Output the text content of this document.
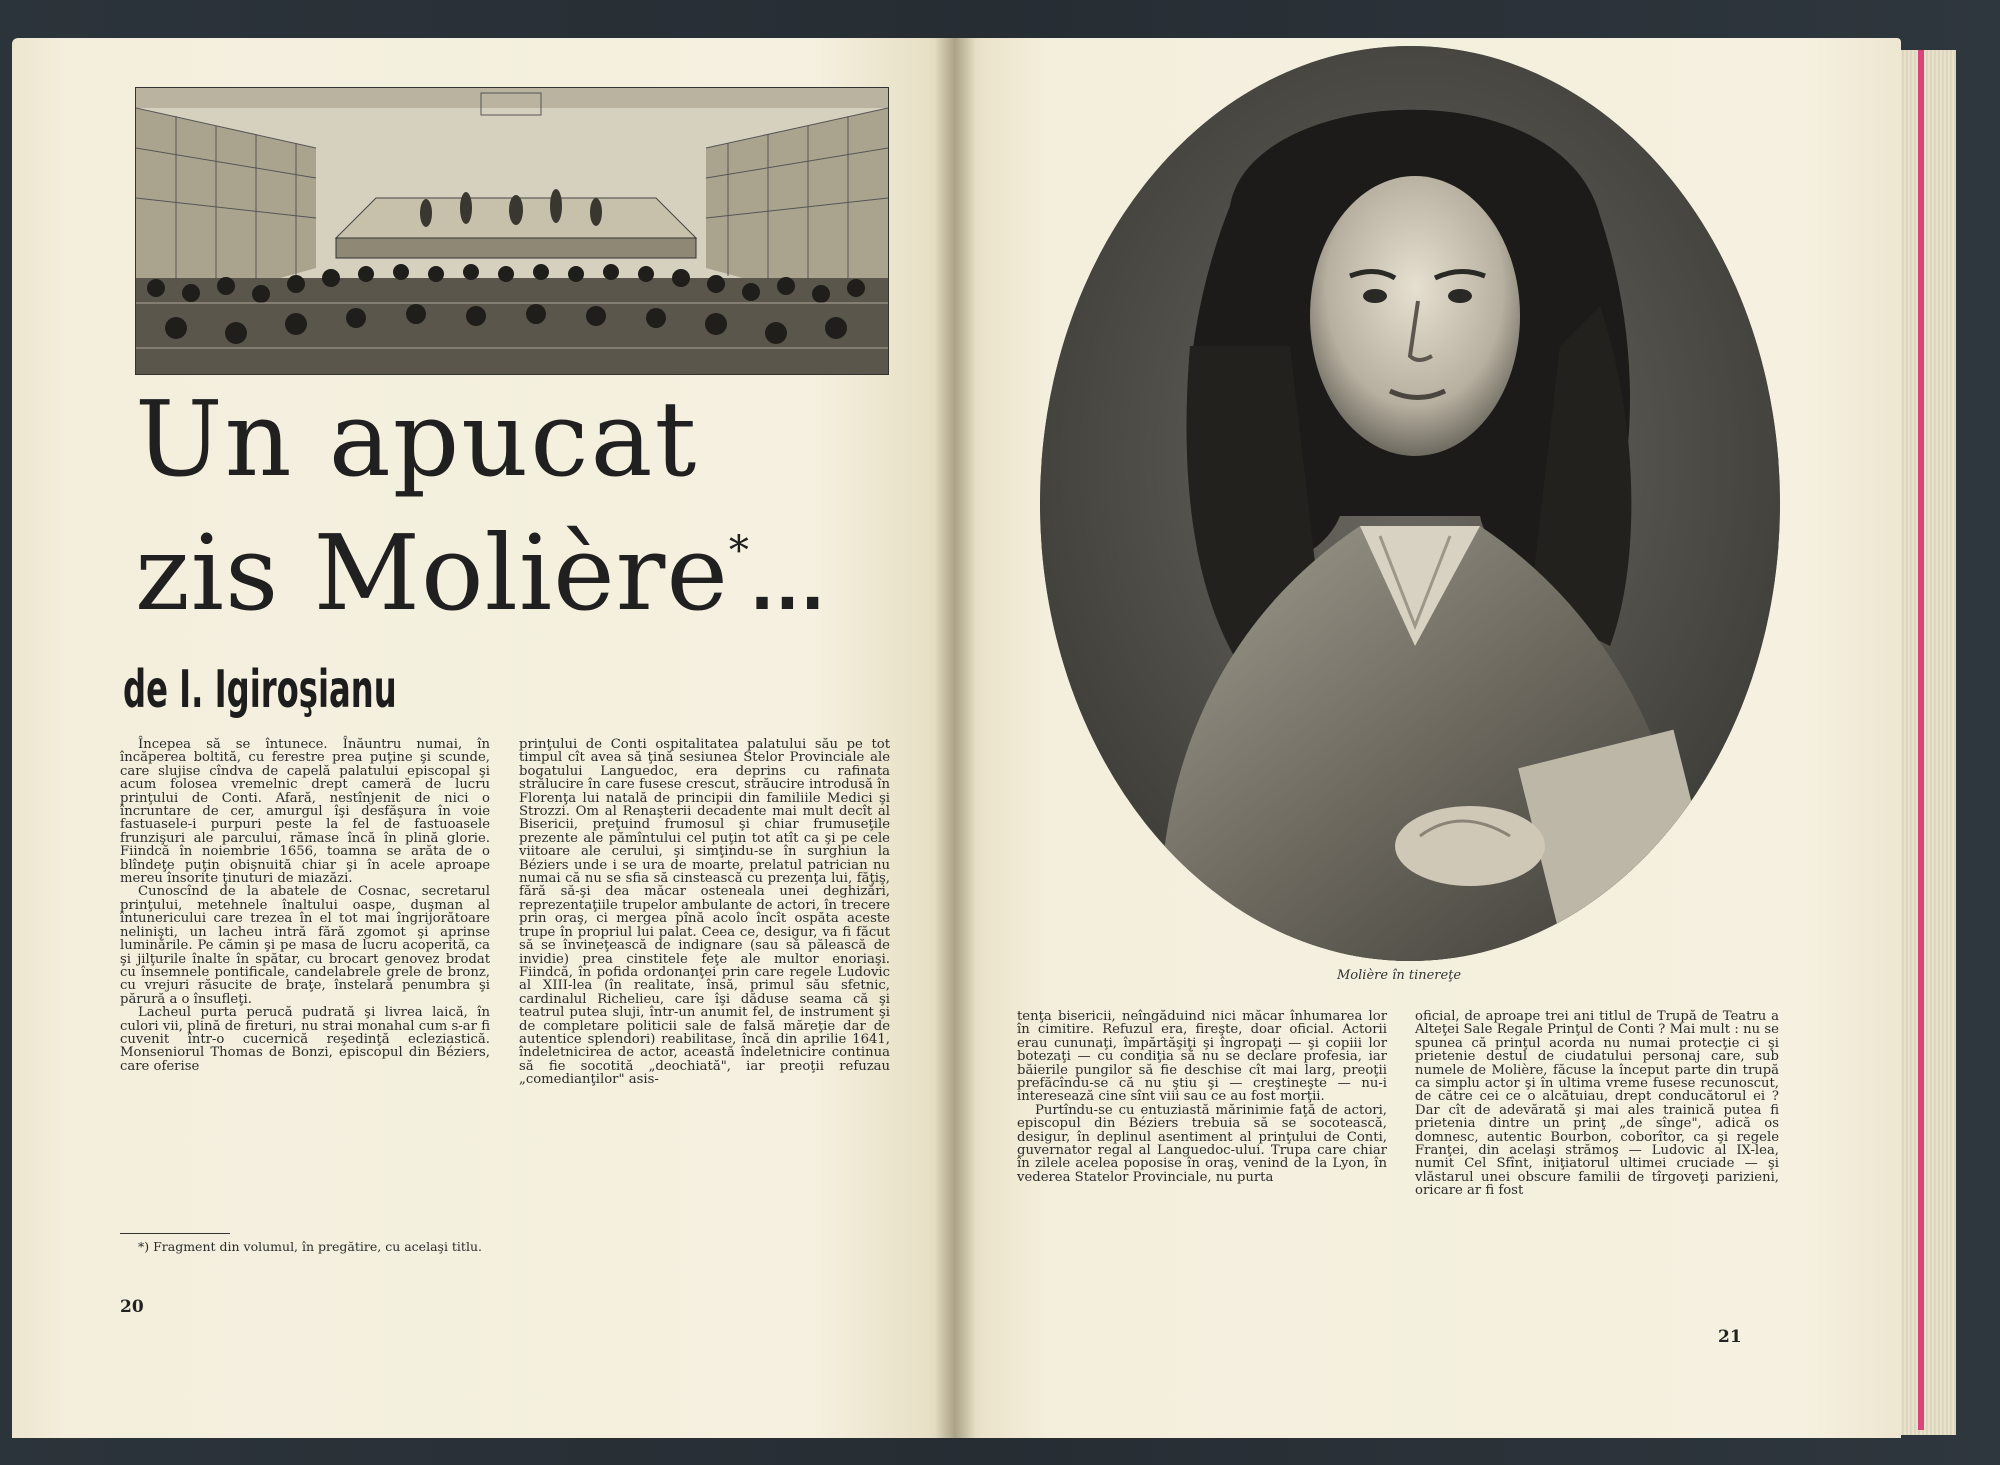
Un apucat
zis Molière*...
de I. Igiroşianu

Începea să se întunece. Înăuntru numai, în încăperea boltită, cu ferestre prea puţine şi scunde, care slujise cîndva de capelă palatului episcopal şi acum folosea vremelnic drept cameră de lucru prinţului de Conti. Afară, nestînjenit de nici o încruntare de cer, amurgul îşi desfăşura în voie fastuasele-i purpuri peste la fel de fastuoasele frunzişuri ale parcului, rămase încă în plină glorie. Fiindcă în noiembrie 1656, toamna se arăta de o blîndeţe puţin obişnuită chiar şi în acele aproape mereu însorite ţinuturi de miazăzi.

Cunoscînd de la abatele de Cosnac, secretarul prinţului, metehnele înaltului oaspe, duşman al întunericului care trezea în el tot mai îngrijorătoare nelinişti, un lacheu intră fără zgomot şi aprinse luminările. Pe cămin şi pe masa de lucru acoperită, ca şi jilţurile înalte în spătar, cu brocart genovez brodat cu însemnele pontificale, candelabrele grele de bronz, cu vrejuri răsucite de braţe, înstelară penumbra şi părură a o însufleţi.

Lacheul purta perucă pudrată şi livrea laică, în culori vii, plină de fireturi, nu strai monahal cum s-ar fi cuvenit într-o cucernică reşedinţă ecleziastică. Monseniorul Thomas de Bonzi, episcopul din Béziers, care oferise

*) Fragment din volumul, în pregătire, cu acelaşi titlu.

prinţului de Conti ospitalitatea palatului său pe tot timpul cît avea să ţină sesiunea Stelor Provinciale ale bogatului Languedoc, era deprins cu rafinata strălucire în care fusese crescut, străucire introdusă în Florenţa lui natală de principii din familiile Medici şi Strozzi. Om al Renaşterii decadente mai mult decît al Bisericii, preţuind frumosul şi chiar frumuseţile prezente ale pămîntului cel puţin tot atît ca şi pe cele viitoare ale cerului, şi simţindu-se în surghiun la Béziers unde i se ura de moarte, prelatul patrician nu numai că nu se sfia să cinstească cu prezenţa lui, făţiş, fără să-şi dea măcar ostenealа unei deghizări, reprezentaţiile trupelor ambulante de actori, în trecere prin oraş, ci mergea pînă acolo încît ospăta aceste trupe în propriul lui palat. Ceea ce, desigur, va fi făcut să se învineţească de indignare (sau să pălească de invidie) prea cinstitele feţe ale multor enoriaşi. Fiindcă, în pofida ordonanţei prin care regele Ludovic al XIII-lea (în realitate, însă, primul său sfetnic, cardinalul Richelieu, care îşi dăduse seama că şi teatrul putea sluji, într-un anumit fel, de instrument şi de completare politicii sale de falsă măreţie dar de autentice splendori) reabilitase, încă din aprilie 1641, îndeletnicirea de actor, această îndeletnicire continua să fie socotită „deochiată", iar preoţii refuzau „comedianţilor" asis-

20
Molière în tinereţe

tenţa bisericii, neîngăduind nici măcar înhumarea lor în cimitire. Refuzul era, fireşte, doar oficial. Actorii erau cununaţi, împărtăşiţi şi îngropaţi — şi copiii lor botezaţi — cu condiţia să nu se declare profesia, iar băierile pungilor să fie deschise cît mai larg, preoţii prefăcîndu-se că nu ştiu şi — creştineşte — nu-i interesează cine sînt viii sau ce au fost morţii.

Purtîndu-se cu entuziastă mărinimie faţă de actori, episcopul din Béziers trebuia să se socotească, desigur, în deplinul asentiment al prinţului de Conti, guvernator regal al Languedoc-ului. Trupa care chiar în zilele acelea poposise în oraş, venind de la Lyon, în vederea Statelor Provinciale, nu purta

oficial, de aproape trei ani titlul de Trupă de Teatru a Alteţei Sale Regale Prinţul de Conti ? Mai mult : nu se spunea că prinţul acorda nu numai protecţie ci şi prietenie destul de ciudatului personaj care, sub numele de Molière, făcuse la început parte din trupă ca simplu actor şi în ultima vreme fusese recunoscut, de către cei ce o alcătuiau, drept conducătorul ei ? Dar cît de adevărată şi mai ales trainică putea fi prietenia dintre un prinţ „de sînge", adică os domnesc, autentic Bourbon, coborîtor, ca şi regele Franţei, din acelaşi strămoş — Ludovic al IX-lea, numit Cel Sfînt, iniţiatorul ultimei cruciade — şi vlăstarul unei obscure familii de tîrgoveţi parizieni, oricare ar fi fost

21
